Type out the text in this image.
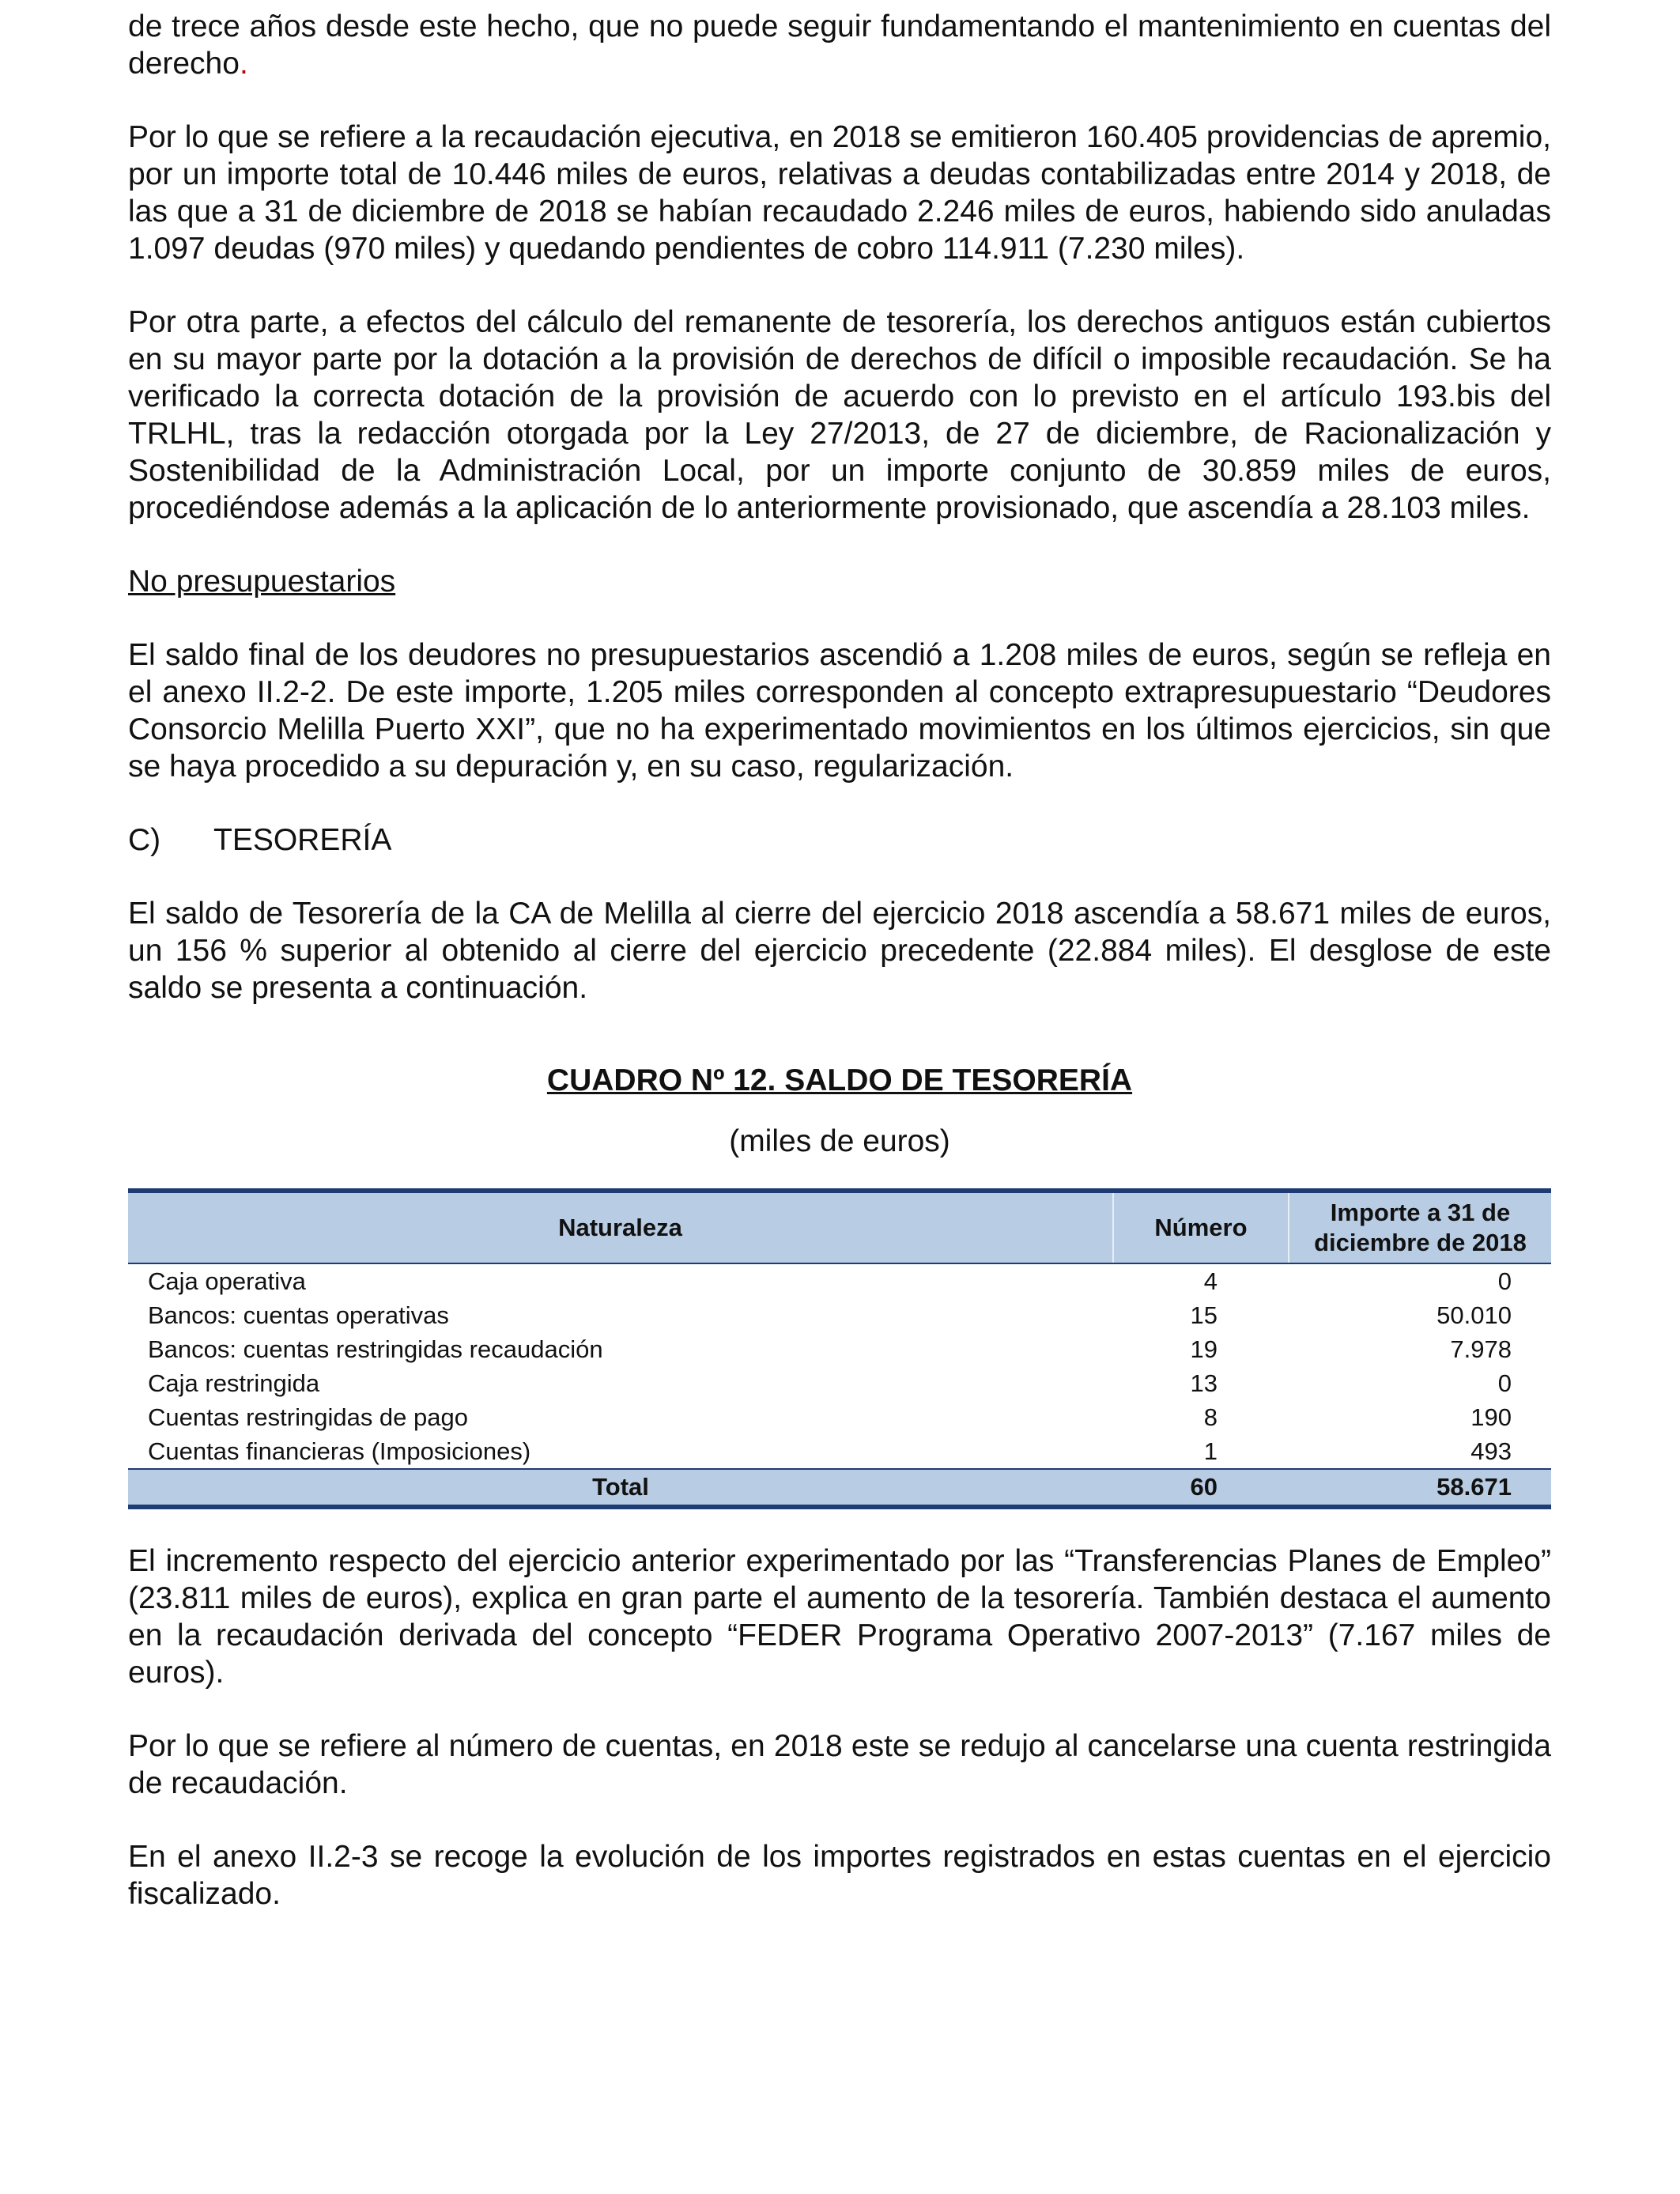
de trece años desde este hecho, que no puede seguir fundamentando el mantenimiento en cuentas del derecho.

Por lo que se refiere a la recaudación ejecutiva, en 2018 se emitieron 160.405 providencias de apremio, por un importe total de 10.446 miles de euros, relativas a deudas contabilizadas entre 2014 y 2018, de las que a 31 de diciembre de 2018 se habían recaudado 2.246 miles de euros, habiendo sido anuladas 1.097 deudas (970 miles) y quedando pendientes de cobro 114.911 (7.230 miles).

Por otra parte, a efectos del cálculo del remanente de tesorería, los derechos antiguos están cubiertos en su mayor parte por la dotación a la provisión de derechos de difícil o imposible recaudación. Se ha verificado la correcta dotación de la provisión de acuerdo con lo previsto en el artículo 193.bis del TRLHL, tras la redacción otorgada por la Ley 27/2013, de 27 de diciembre, de Racionalización y Sostenibilidad de la Administración Local, por un importe conjunto de 30.859 miles de euros, procediéndose además a la aplicación de lo anteriormente provisionado, que ascendía a 28.103 miles.

No presupuestarios

El saldo final de los deudores no presupuestarios ascendió a 1.208 miles de euros, según se refleja en el anexo II.2-2. De este importe, 1.205 miles corresponden al concepto extrapresupuestario “Deudores Consorcio Melilla Puerto XXI”, que no ha experimentado movimientos en los últimos ejercicios, sin que se haya procedido a su depuración y, en su caso, regularización.

C) TESORERÍA

El saldo de Tesorería de la CA de Melilla al cierre del ejercicio 2018 ascendía a 58.671 miles de euros, un 156 % superior al obtenido al cierre del ejercicio precedente (22.884 miles). El desglose de este saldo se presenta a continuación.

CUADRO Nº 12. SALDO DE TESORERÍA

(miles de euros)

Naturaleza	Número	Importe a 31 de
diciembre de 2018
Caja operativa	4	0
Bancos: cuentas operativas	15	50.010
Bancos: cuentas restringidas recaudación	19	7.978
Caja restringida	13	0
Cuentas restringidas de pago	8	190
Cuentas financieras (Imposiciones)	1	493
Total	60	58.671

El incremento respecto del ejercicio anterior experimentado por las “Transferencias Planes de Empleo” (23.811 miles de euros), explica en gran parte el aumento de la tesorería. También destaca el aumento en la recaudación derivada del concepto “FEDER Programa Operativo 2007-2013” (7.167 miles de euros).

Por lo que se refiere al número de cuentas, en 2018 este se redujo al cancelarse una cuenta restringida de recaudación.

En el anexo II.2-3 se recoge la evolución de los importes registrados en estas cuentas en el ejercicio fiscalizado.
